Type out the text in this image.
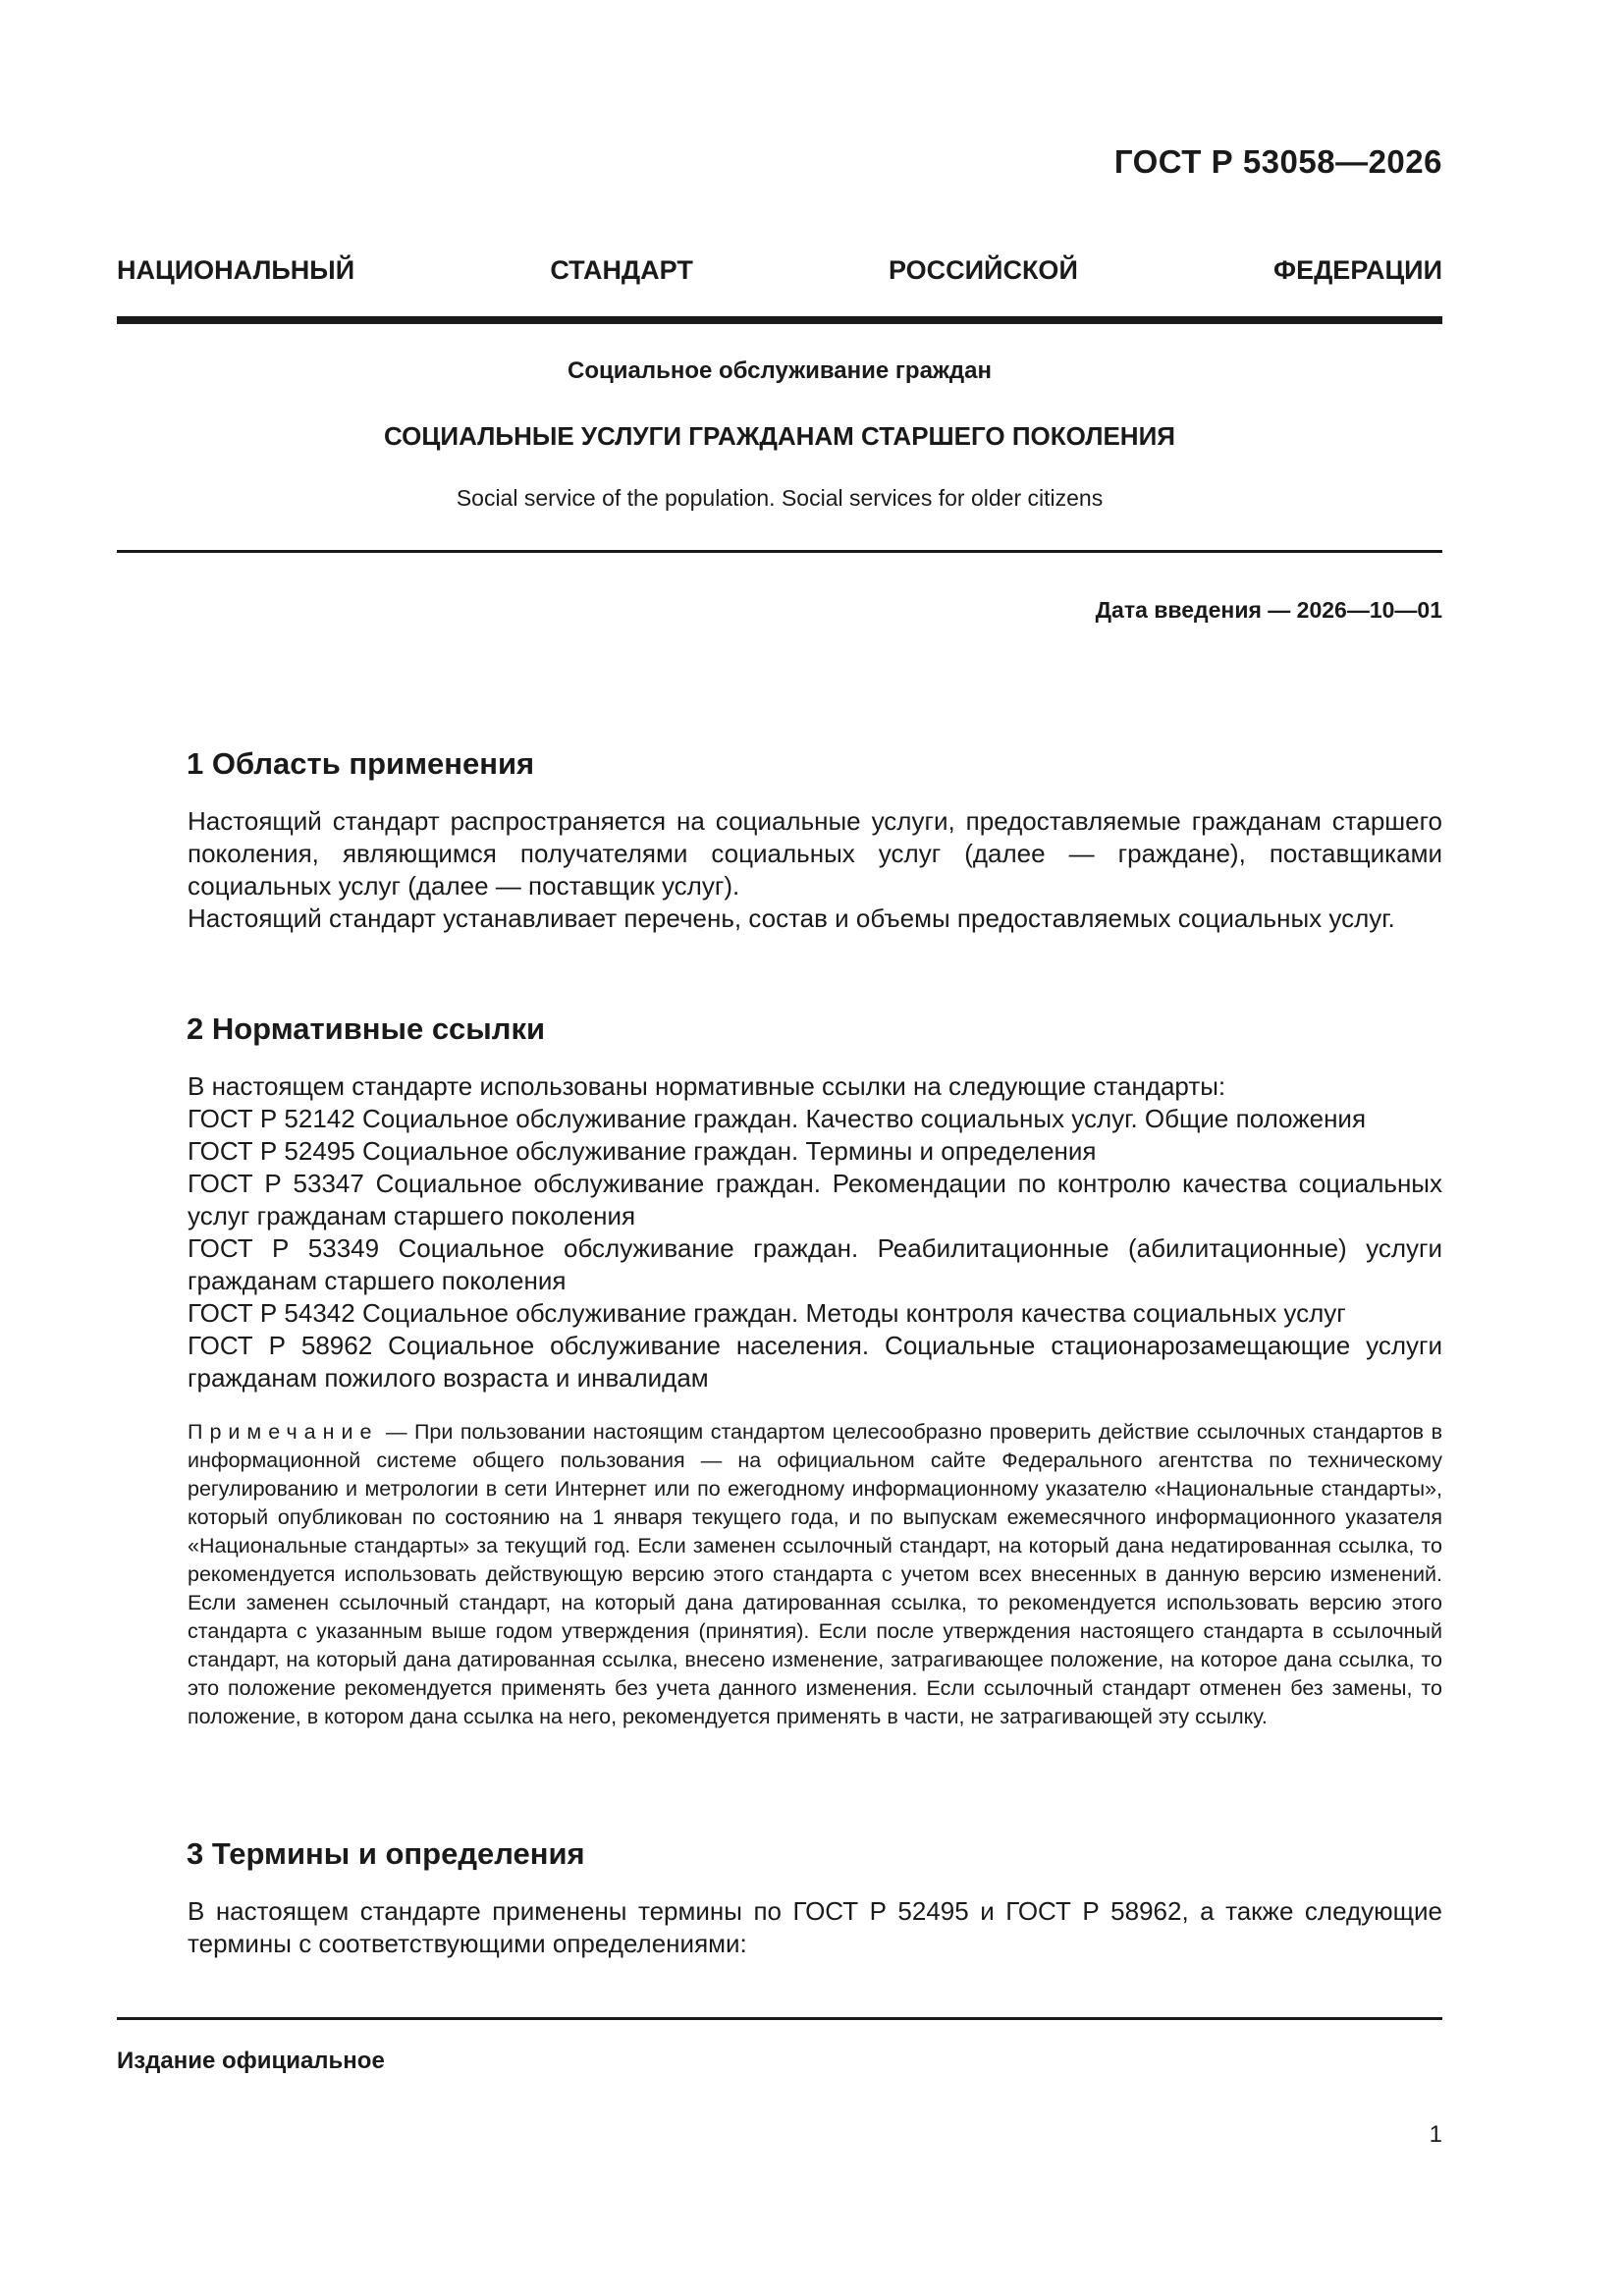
ГОСТ Р 53058—2026
НАЦИОНАЛЬНЫЙ СТАНДАРТ РОССИЙСКОЙ ФЕДЕРАЦИИ
Социальное обслуживание граждан
СОЦИАЛЬНЫЕ УСЛУГИ ГРАЖДАНАМ СТАРШЕГО ПОКОЛЕНИЯ
Social service of the population. Social services for older citizens
Дата введения — 2026—10—01
1 Область применения

Настоящий стандарт распространяется на социальные услуги, предоставляемые гражданам старшего поколения, являющимся получателями социальных услуг (далее — граждане), поставщиками социальных услуг (далее — поставщик услуг).

Настоящий стандарт устанавливает перечень, состав и объемы предоставляемых социальных услуг.

2 Нормативные ссылки

В настоящем стандарте использованы нормативные ссылки на следующие стандарты:

ГОСТ Р 52142 Социальное обслуживание граждан. Качество социальных услуг. Общие положения

ГОСТ Р 52495 Социальное обслуживание граждан. Термины и определения

ГОСТ Р 53347 Социальное обслуживание граждан. Рекомендации по контролю качества социальных услуг гражданам старшего поколения

ГОСТ Р 53349 Социальное обслуживание граждан. Реабилитационные (абилитационные) услуги гражданам старшего поколения

ГОСТ Р 54342 Социальное обслуживание граждан. Методы контроля качества социальных услуг

ГОСТ Р 58962 Социальное обслуживание населения. Социальные стационарозамещающие услуги гражданам пожилого возраста и инвалидам

Примечание — При пользовании настоящим стандартом целесообразно проверить действие ссылочных стандартов в информационной системе общего пользования — на официальном сайте Федерального агентства по техническому регулированию и метрологии в сети Интернет или по ежегодному информационному указателю «Национальные стандарты», который опубликован по состоянию на 1 января текущего года, и по выпускам ежемесячного информационного указателя «Национальные стандарты» за текущий год. Если заменен ссылочный стандарт, на который дана недатированная ссылка, то рекомендуется использовать действующую версию этого стандарта с учетом всех внесенных в данную версию изменений. Если заменен ссылочный стандарт, на который дана датированная ссылка, то рекомендуется использовать версию этого стандарта с указанным выше годом утверждения (принятия). Если после утверждения настоящего стандарта в ссылочный стандарт, на который дана датированная ссылка, внесено изменение, затрагивающее положение, на которое дана ссылка, то это положение рекомендуется применять без учета данного изменения. Если ссылочный стандарт отменен без замены, то положение, в котором дана ссылка на него, рекомендуется применять в части, не затрагивающей эту ссылку.

3 Термины и определения

В настоящем стандарте применены термины по ГОСТ Р 52495 и ГОСТ Р 58962, а также следующие термины с соответствующими определениями:

Издание официальное
1
